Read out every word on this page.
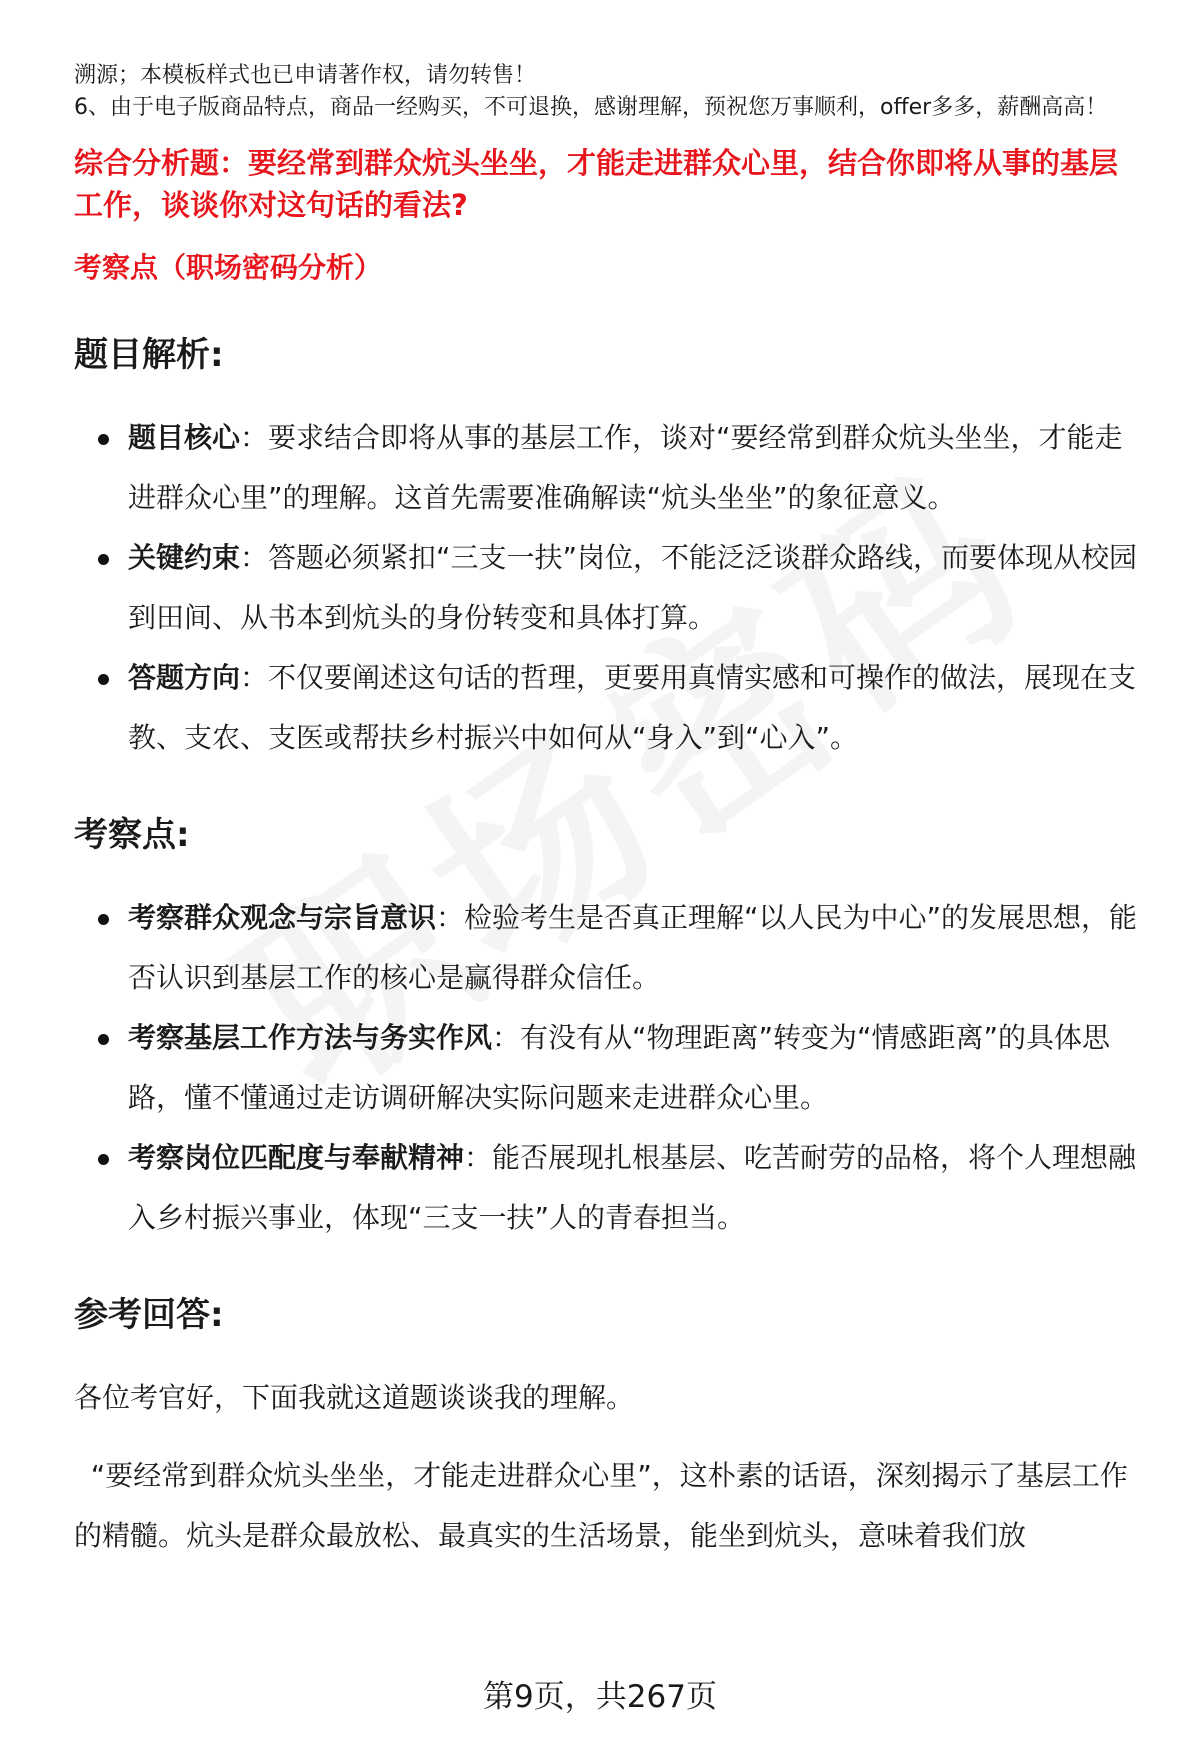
溯源；本模板样式也已申请著作权，请勿转售！

6、由于电子版商品特点，商品一经购买，不可退换，感谢理解，预祝您万事顺利，offer多多，薪酬高高！

综合分析题：要经常到群众炕头坐坐，才能走进群众心里，结合你即将从事的基层工作，谈谈你对这句话的看法?

考察点（职场密码分析）

题目解析:
题目核心：要求结合即将从事的基层工作，谈对“要经常到群众炕头坐坐，才能走进群众心里”的理解。这首先需要准确解读“炕头坐坐”的象征意义。
关键约束：答题必须紧扣“三支一扶”岗位，不能泛泛谈群众路线，而要体现从校园到田间、从书本到炕头的身份转变和具体打算。
答题方向：不仅要阐述这句话的哲理，更要用真情实感和可操作的做法，展现在支教、支农、支医或帮扶乡村振兴中如何从“身入”到“心入”。
考察点:
考察群众观念与宗旨意识：检验考生是否真正理解“以人民为中心”的发展思想，能否认识到基层工作的核心是赢得群众信任。
考察基层工作方法与务实作风：有没有从“物理距离”转变为“情感距离”的具体思路，懂不懂通过走访调研解决实际问题来走进群众心里。
考察岗位匹配度与奉献精神：能否展现扎根基层、吃苦耐劳的品格，将个人理想融入乡村振兴事业，体现“三支一扶”人的青春担当。
参考回答:

各位考官好，下面我就这道题谈谈我的理解。

“要经常到群众炕头坐坐，才能走进群众心里”，这朴素的话语，深刻揭示了基层工作的精髓。炕头是群众最放松、最真实的生活场景，能坐到炕头，意味着我们放

第9页，共267页
